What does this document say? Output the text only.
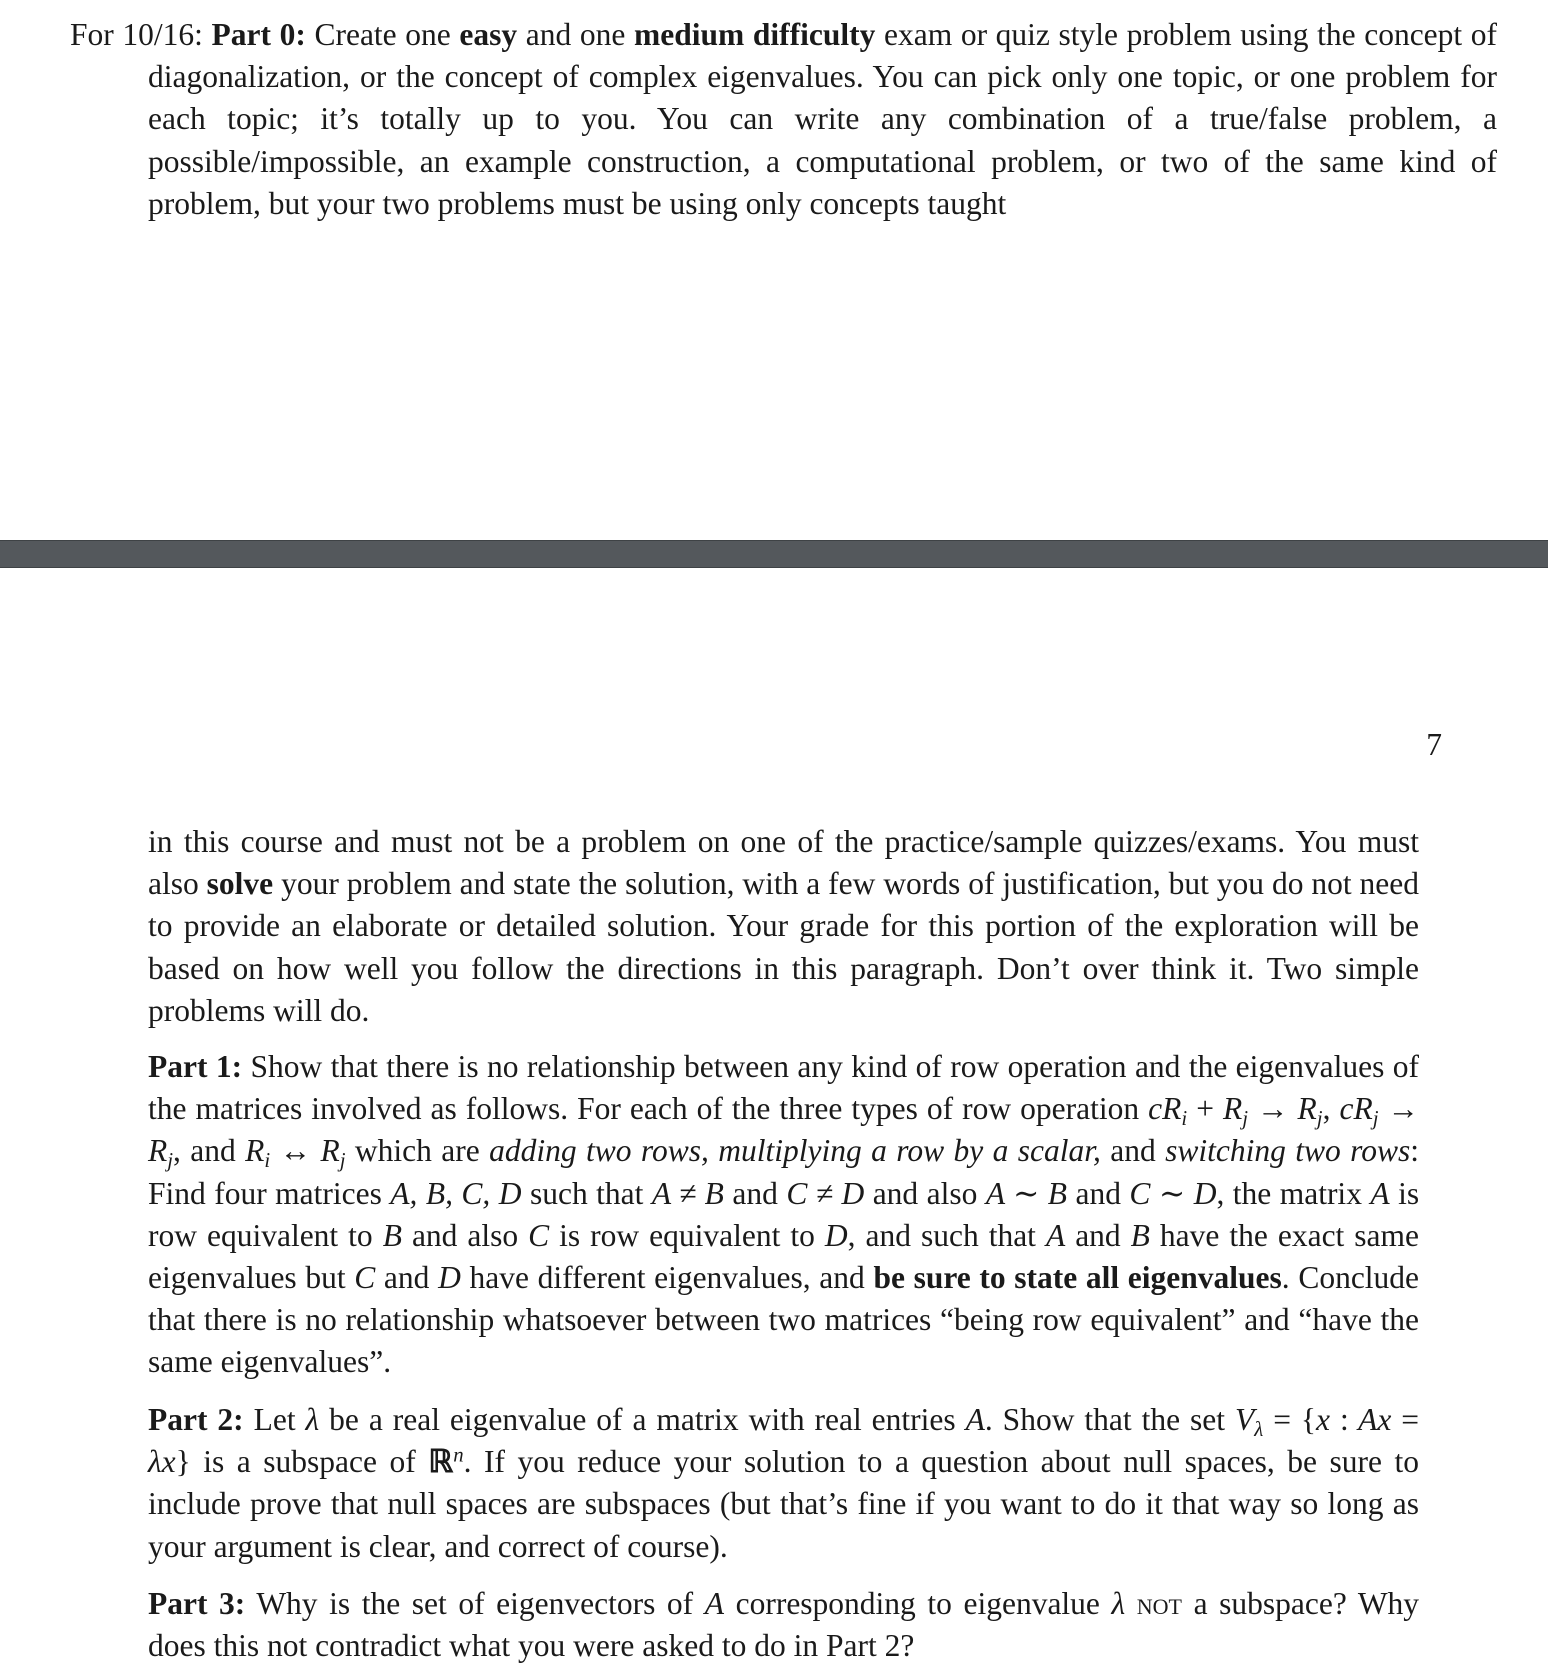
For 10/16: Part 0: Create one easy and one medium difficulty exam or quiz style problem using the concept of diagonalization, or the concept of complex eigenvalues. You can pick only one topic, or one problem for each topic; it’s totally up to you. You can write any combination of a true/false problem, a possible/impossible, an example construction, a computational problem, or two of the same kind of problem, but your two problems must be using only concepts taught

7

in this course and must not be a problem on one of the practice/sample quizzes/exams. You must also solve your problem and state the solution, with a few words of justification, but you do not need to provide an elaborate or detailed solution. Your grade for this portion of the exploration will be based on how well you follow the directions in this paragraph. Don’t over think it. Two simple problems will do.

Part 1: Show that there is no relationship between any kind of row operation and the eigenvalues of the matrices involved as follows. For each of the three types of row operation $cR_i + R_j \to R_j$, $cR_j \to R_j$, and $R_i$ ↔ $R_j$ which are adding two rows, multiplying a row by a scalar, and switching two rows: Find four matrices A, B, C, D such that A ≠ B and C ≠ D and also A ∼ B and C ∼ D, the matrix A is row equivalent to B and also C is row equivalent to D, and such that A and B have the exact same eigenvalues but C and D have different eigenvalues, and be sure to state all eigenvalues. Conclude that there is no relationship whatsoever between two matrices “being row equivalent” and “have the same eigenvalues”.

Part 2: Let λ be a real eigenvalue of a matrix with real entries A. Show that the set $V_\lambda = \{x$ : Ax = λx} is a subspace of ℝ$^n$. If you reduce your solution to a question about null spaces, be sure to include prove that null spaces are subspaces (but that’s fine if you want to do it that way so long as your argument is clear, and correct of course).

Part 3: Why is the set of eigenvectors of A corresponding to eigenvalue λ not a subspace? Why does this not contradict what you were asked to do in Part 2?
